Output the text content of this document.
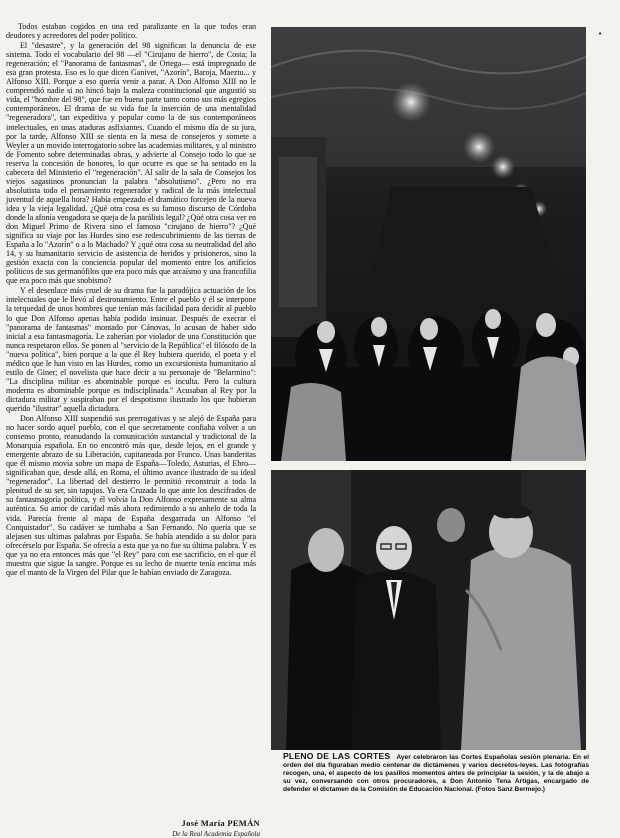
Todos estaban cogidos en una red paralizante en la que todos eran deudores y acreedores del poder político.

El "desastre", y la generación del 98 significan la denuncia de ese sistema. Todo el vocabulario del 98 —el "Cirujano de hierro", de Costa; la regeneración; el "Panorama de fantasmas", de Ortega— está impregnado de esa gran protesta. Eso es lo que dicen Ganivet, "Azorín", Baroja, Maeztu... y Alfonso XIII. Porque a eso quería venir a parar. A Don Alfonso XIII no le comprendió nadie si no hincó bajo la maleza constitucional que angustió su vida, el "hombre del 98", que fue en buena parte tanto como sus más egregios contemporáneos. El drama de su vida fue la inserción de una mentalidad "regeneradora", tan expeditiva y popular como la de sus contemporáneos intelectuales, en unas ataduras asfixiantes. Cuando el mismo día de su jura, por la tarde, Alfonso XIII se sienta en la mesa de consejeros y somete a Weyler a un movido interrogatorio sobre las academias militares, y al ministro de Fomento sobre determinadas obras, y advierte al Consejo todo lo que se reserva la concesión de honores, lo que ocurre es que se ha sentado en la cabecera del Ministerio el "regeneración". Al salir de la sala de Consejos los viejos sagastinos pronuncian la palabra "absolutismo". ¿Pero no era absolutista todo el pensamiento regenerador y radical de la más intelectual juventud de aquella hora? Había empezado el dramático forcejeo de la nueva idea y la vieja legalidad. ¿Qué otra cosa es su famoso discurso de Córdoba donde la afonía vengadora se queja de la parálisis legal? ¿Qué otra cosa ver en don Miguel Primo de Rivera sino el famoso "cirujano de hierro"? ¿Qué significa su viaje por las Hurdes sino ese redescubrimiento de las tierras de España a lo "Azorín" o a lo Machado? Y ¿qué otra cosa su neutralidad del año 14, y su humanitario servicio de asistencia de heridos y prisioneros, sino la gestión exacta con la conciencia popular del momento entre los artificios políticos de sus germanófilos que era poco más que arcaísmo y una francofilia que era poco más que snobismo?

Y el desenlace más cruel de su drama fue la paradójica actuación de los intelectuales que le llevó al destronamiento. Entre el pueblo y él se interpone la terquedad de unos hombres que tenían más facilidad para decidir al pueblo lo que Don Alfonso apenas había podido insinuar. Después de execrar el "panorama de fantasmas" montado por Cánovas, lo acusan de haber sido inicial a esa fantasmagoría. Le zaherían por violador de una Constitución que nunca respetaron ellos. Se ponen al "servicio de la República" el filósofo de la "nueva política", bien porque a la que él Rey hubiera querido, el poeta y el médico que le han visto en las Hurdes, como un excursionista humanitario al estilo de Giner; el novelista que hace decir a su personaje de "Belarmino": "La disciplina militar es abominable porque es inculta. Pero la cultura moderna es abominable porque es indisciplinada." Acusaban al Rey por la dictadura militar y suspiraban por el despotismo ilustrado los que hubieran querido "ilustrar" aquella dictadura.

Don Alfonso XIII suspendió sus prerrogativas y se alejó de España para no hacer sordo aquel pueblo, con el que secretamente confiaba volver a un consenso pronto, reanudando la comunicación sustancial y tradicional de la Monarquía española. En no encontró más que, desde lejos, en el grande y emergente abrazo de su Liberación, capitaneada por Franco. Unas banderitas que él mismo movía sobre un mapa de España—Toledo, Asturias, el Ebro—significaban que, desde allá, en Roma, el último avance ilustrado de su ideal "regenerador". La libertad del destierro le permitió reconstruir a toda la plenitud de su ser, sin tapujos. Ya era Cruzada lo que ante los descifrados de su fantasmagoría política, y él volvía la Don Alfonso expresamente su alma auténtica. Su amor de caridad más ahora redimiendo a su anhelo de toda la vida. Parecía frente al mapa de España desgarrada un Alfonso "el Conquistador". Su cadáver se tumbaba a San Fernando. No quería que se alejasen sus ultimas palabras por España. Se había atendido a su dolor para ofrecérselo por España. Se ofrecía a esta que ya no fue su última palabra. Y es que ya no era entonces más que "el Rey" para con ese sacrificio, en el que él muestra que sigue la sangre. Porque es su lecho de muerte tenía encima más que el manto de la Virgen del Pilar que le habían enviado de Zaragoza.

José María PEMÁN
De la Real Academia Española
•
PLENO DE LAS CORTES Ayer celebraron las Cortes Españolas sesión plenaria. En el orden del día figuraban medio centenar de dictámenes y varios decretos-leyes. Las fotografías recogen, una, el aspecto de los pasillos momentos antes de principiar la sesión, y la de abajo a su vez, conversando con otros procuradores, a Don Antonio Tena Artigas, encargado de defender el dictamen de la Comisión de Educación Nacional. (Fotos Sanz Bermejo.)
